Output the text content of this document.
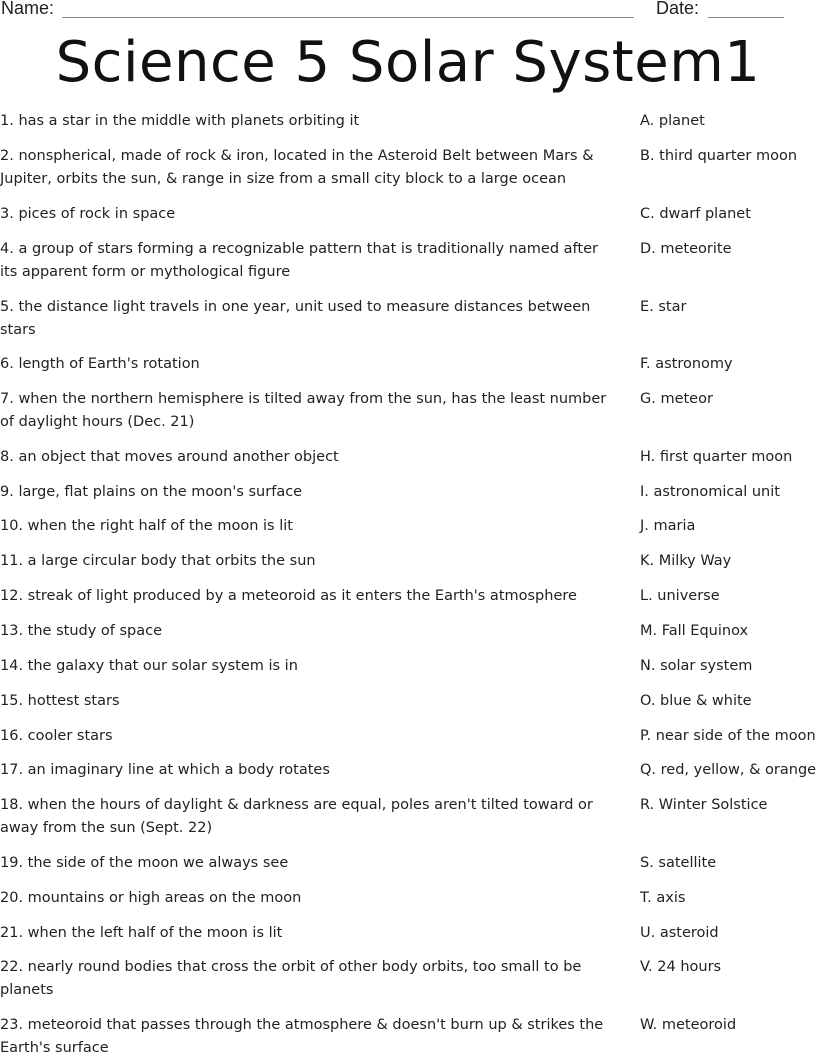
Name:	Date:
Science 5 Solar System1
1. has a star in the middle with planets orbiting it
2. nonspherical, made of rock & iron, located in the Asteroid Belt between Mars & Jupiter, orbits the sun, & range in size from a small city block to a large ocean
3. pices of rock in space
4. a group of stars forming a recognizable pattern that is traditionally named after its apparent form or mythological figure
5. the distance light travels in one year, unit used to measure distances between stars
6. length of Earth's rotation
7. when the northern hemisphere is tilted away from the sun, has the least number of daylight hours (Dec. 21)
8. an object that moves around another object
9. large, flat plains on the moon's surface
10. when the right half of the moon is lit
11. a large circular body that orbits the sun
12. streak of light produced by a meteoroid as it enters the Earth's atmosphere
13. the study of space
14. the galaxy that our solar system is in
15. hottest stars
16. cooler stars
17. an imaginary line at which a body rotates
18. when the hours of daylight & darkness are equal, poles aren't tilted toward or away from the sun (Sept. 22)
19. the side of the moon we always see
20. mountains or high areas on the moon
21. when the left half of the moon is lit
22. nearly round bodies that cross the orbit of other body orbits, too small to be planets
23. meteoroid that passes through the atmosphere & doesn't burn up & strikes the Earth's surface
A. planet
B. third quarter moon
C. dwarf planet
D. meteorite
E. star
F. astronomy
G. meteor
H. first quarter moon
I. astronomical unit
J. maria
K. Milky Way
L. universe
M. Fall Equinox
N. solar system
O. blue & white
P. near side of the moon
Q. red, yellow, & orange
R. Winter Solstice
S. satellite
T. axis
U. asteroid
V. 24 hours
W. meteoroid
